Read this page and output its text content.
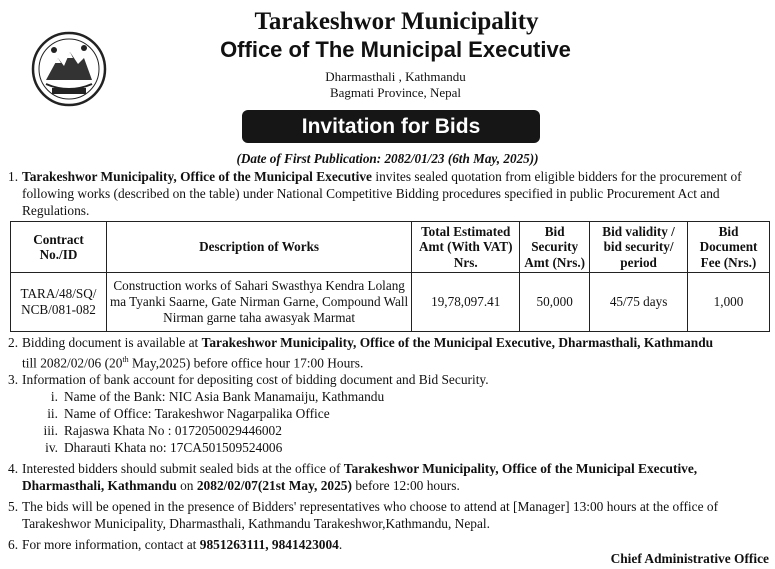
Tarakeshwor Municipality
Office of The Municipal Executive
Dharmasthali , Kathmandu
Bagmati Province, Nepal
Invitation for Bids
(Date of First Publication: 2082/01/23 (6th May, 2025))
1. Tarakeshwor Municipality, Office of the Municipal Executive invites sealed quotation from eligible bidders for the procurement of following works (described on the table) under National Competitive Bidding procedures specified in public Procurement Act and Regulations.
Contract No./ID	Description of Works	Total Estimated Amt (With VAT) Nrs.	Bid Security Amt (Nrs.)	Bid validity / bid security/ period	Bid Document Fee (Nrs.)
TARA/48/SQ/ NCB/081-082	Construction works of Sahari Swasthya Kendra Lolang ma Tyanki Saarne, Gate Nirman Garne, Compound Wall Nirman garne taha awasyak Marmat	19,78,097.41	50,000	45/75 days	1,000
2. Bidding document is available at Tarakeshwor Municipality, Office of the Municipal Executive, Dharmasthali, Kathmandu
till 2082/02/06 (20th May,2025) before office hour 17:00 Hours.
3. Information of bank account for depositing cost of bidding document and Bid Security.
i. Name of the Bank: NIC Asia Bank Manamaiju, Kathmandu
ii. Name of Office: Tarakeshwor Nagarpalika Office
iii. Rajaswa Khata No : 0172050029446002
iv. Dharauti Khata no: 17CA501509524006
4. Interested bidders should submit sealed bids at the office of Tarakeshwor Municipality, Office of the Municipal Executive,
Dharmasthali, Kathmandu on 2082/02/07(21st May, 2025) before 12:00 hours.
5. The bids will be opened in the presence of Bidders' representatives who choose to attend at [Manager] 13:00 hours at the office of Tarakeshwor Municipality, Dharmasthali, Kathmandu Tarakeshwor,Kathmandu, Nepal.
6. For more information, contact at 9851263111, 9841423004.
Chief Administrative Office
